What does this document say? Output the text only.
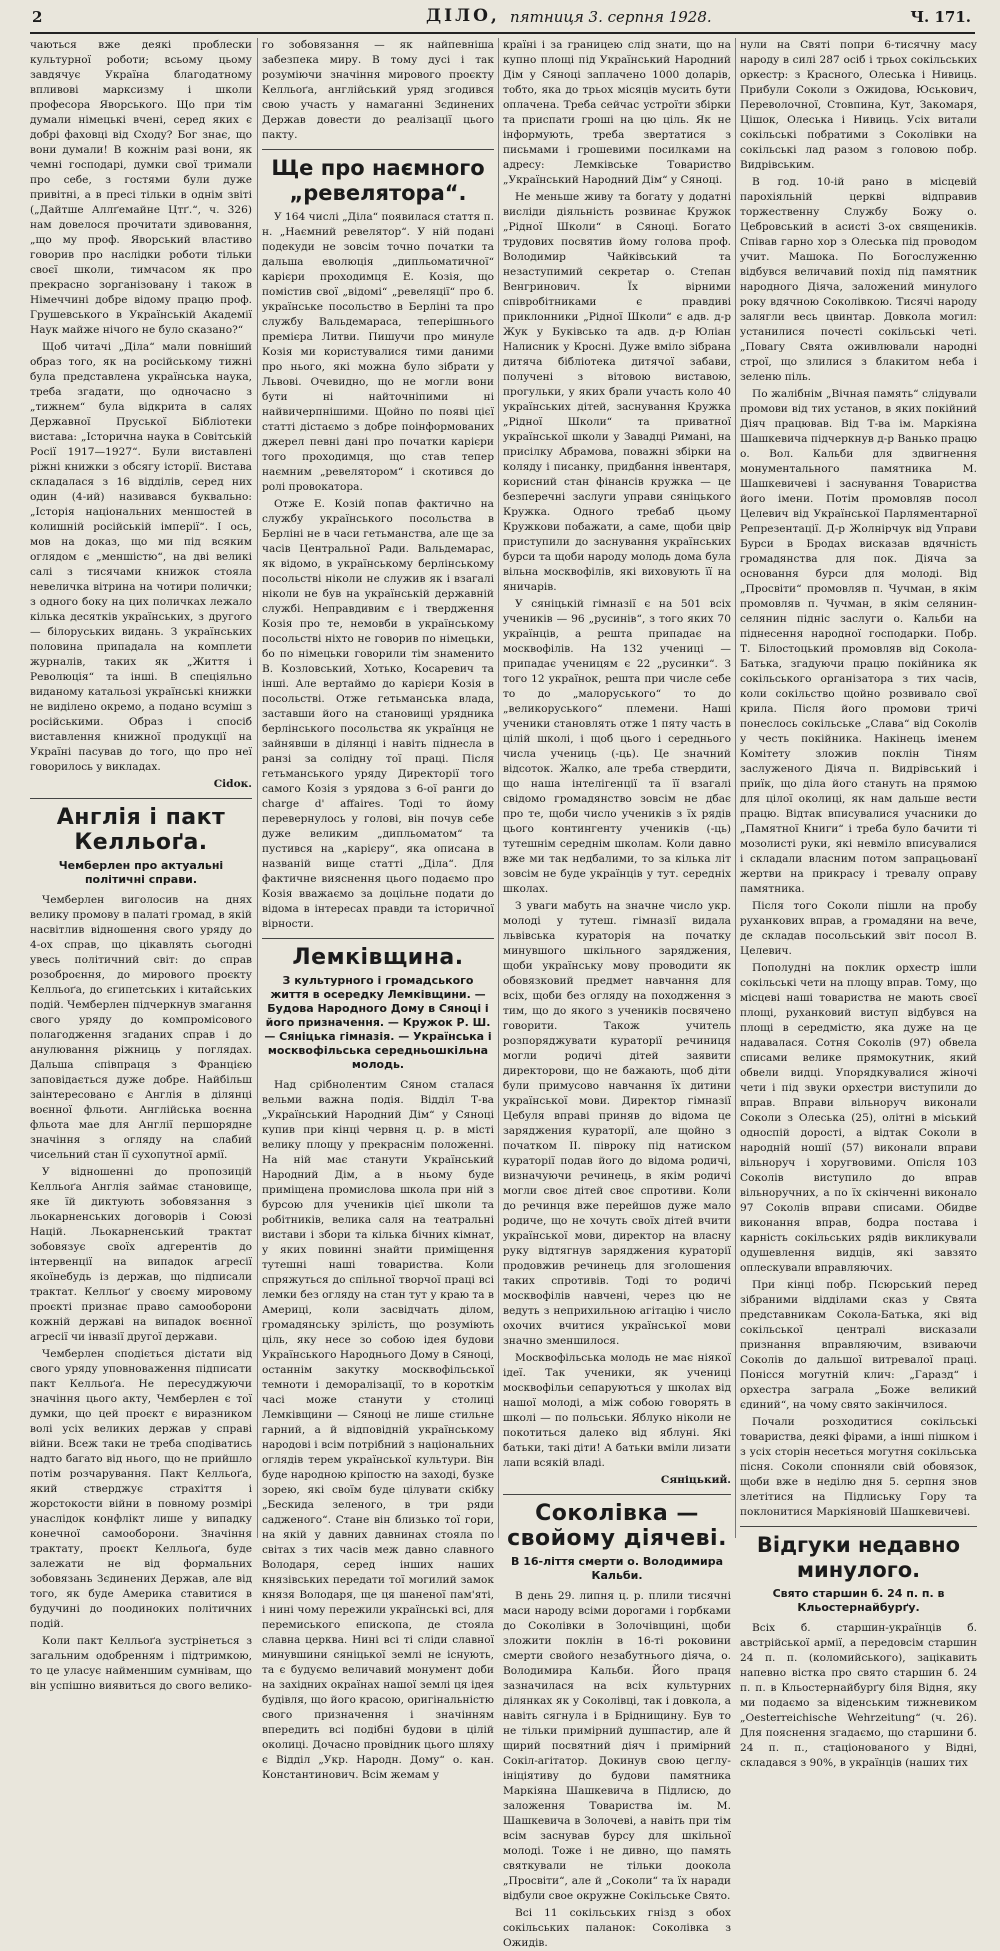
2	ДІЛО, пятниця 3. серпня 1928.	Ч. 171.

чаються вже деякі проблески культурної роботи; всьому цьому завдячує Україна благодатному впливові марксизму і школи професора Яворського. Що при тім думали німецькі вчені, серед яких є добрі фаховці від Сходу? Бог знає, що вони думали! В кожнім разі вони, як чемні господарі, думки свої тримали про себе, з гостями були дуже привітні, а в пресі тільки в однім звіті („Дайтше Аллґемайне Цтґ.“, ч. 326) нам довелося прочитати здивовання, „що мy проф. Яворський властиво говорив про наслідки роботи тільки своєї школи, тимчасом як про прекрасно зорганізовану і також в Німеччині добре відому працю проф. Грушевського в Українській Академії Наук майже нічого не було сказано?“

Щоб читачі „Діла“ мали повніший образ того, як на російському тижні була представлена українська наука, треба згадати, що одночасно з „тижнем“ була відкрита в салях Державної Пруської Бібліотеки вистава: „Історична наука в Совітській Росії 1917—1927“. Були виставлені ріжні книжки з обсягу історії. Вистава складалася з 16 відділів, серед них один (4-ий) називався буквально: „Історія національних меншостей в колишній російській імперії“. І ось, мов на доказ, що ми під всяким оглядом є „меншістю“, на дві великі салі з тисячами книжок стояла невеличка вітрина на чотири полички; з одного боку на цих поличках лежало кілька десятків українських, з другого — білоруських видань. З українських половина припадала на комплети журналів, таких як „Життя і Революція“ та інші. В спеціяльно виданому катальозі українські книжки не виділено окремо, а подано всуміш з російськими. Образ і спосіб виставлення книжної продукції на Україні пасував до того, що про неї говорилось у викладах.

Сidок.

Англія і пакт Келльоґа.
Чемберлен про актуальні політичні справи.

Чемберлен виголосив на днях велику промову в палаті громад, в якій насвітлив відношення свого уряду до 4-ох справ, що цікавлять сьогодні увесь політичний світ: до справ розоброєння, до мирового проєкту Келльоґа, до єгипетських і китайських подій. Чемберлен підчеркнув змагання свого уряду до компромісового полагодження згаданих справ і до анулювання ріжниць у поглядах. Дальша співпраця з Францією заповідається дуже добре. Найбільш заінтересовано є Англія в ділянці воєнної фльоти. Англійська воєнна фльота мае для Англії першорядне значіння з огляду на слабий чисельний стан її сухопутної армії.

У відношенні до пропозицій Келльоґа Англія займає становище, яке їй диктують зобовязання з льокарненських договорів і Союзі Націй. Льокарненський трактат зобовязує своїх адгерентів до інтервенції на випадок агресії якоїнебудь із держав, що підписали трактат. Келльоґ у своєму мировому проєкті признає право самооборони кожній державі на випадок воєнної агресії чи інвазії другої держави.

Чемберлен сподіється дістати від свого уряду уповноваження підписати пакт Келльоґа. Не пересуджуючи значіння цього акту, Чемберлен є тої думки, що цей проєкт є виразником волі усіх великих держав у справі війни. Всеж таки не треба сподіватись надто багато від нього, що не прийшло потім розчарування. Пакт Келльоґа, який стверджує страхіття і жорстокости війни в повному розмірі унаслідок конфлікт лише у випадку конечної самооборони. Значіння трактату, проєкт Келльоґа, буде залежати не від формальних зобовязань Зєдинених Держав, але від того, як буде Америка ставитися в будучині до поодиноких політичних подій.

Коли пакт Келльоґа зустрінеться з загальним одобренням і підтримкою, то це уласує найменшим сумнівам, що він успішно виявиться до свого велико-

го зобовязання — як найпевніша забезпека миру. В тому дусі і так розуміючи значіння мирового проєкту Келльоґа, англійський уряд згодився свою участь у намаганні Зєдинених Держав довести до реалізації цього пакту.

Ще про наємного „ревелятора“.

У 164 числі „Діла“ появилася стаття п. н. „Наємний ревелятор“. У ній подані подекуди не зовсім точно початки та дальша еволюція „дипльоматичної“ карієри проходимця Е. Козія, що помістив свої „відомі“ „ревеляції“ про б. українське посольство в Берліні та про службу Вальдемараса, теперішнього премієра Литви. Пишучи про минуле Козія ми користувалися тими даними про нього, які можна було зібрати у Львові. Очевидно, що не могли вони бути ні найточніпими ні найвичерпнішими. Щойно по появі цієї статті дістаємо з добре поінформованих джерел певні дані про початки карієри того проходимця, що став тепер наємним „ревелятором“ і скотився до ролі провокатора.

Отже Е. Козій попав фактично на службу українського посольства в Берліні не в часи гетьманства, але ще за часів Центральної Ради. Вальдемарас, як відомо, в українському берлінському посольстві ніколи не служив як і взагалі ніколи не був на українській державній службі. Неправдивим є і твердження Козія про те, немовби в українському посольстві ніхто не говорив по німецьки, бо по німецьки говорили тім знаменито В. Козловський, Хотько, Косаревич та інші. Але вертаймо до карієри Козія в посольстві. Отже гетьманська влада, заставши його на становищі урядника берлінського посольства як українця не зайнявши в ділянці і навіть піднесла в ранзі за солідну тої праці. Після гетьманського уряду Директорії того самого Козія з урядова з 6-ої ранги до charge d' affaires. Тоді то йому перевернулось у голові, він почув себе дуже великим „дипльоматом“ та пустився на „карієру“, яка описана в названій вище статті „Діла“. Для фактичне вияснення цього подаємо про Козія вважаємо за доцільне подати до відома в інтересах правди та історичної вірности.

Лемківщина.
З культурного і громадського життя в осередку Лемківщини. — Будова Народного Дому в Сяноці і його призначення. — Кружок Р. Ш. — Сяніцька гімназія. — Українська і москвофільська середньошкільна молодь.

Над срібнолентим Сяном сталася вельми важна подія. Відділ Т-ва „Український Народний Дім“ у Сяноці купив при кінці червня ц. р. в місті велику площу у прекраснім положенні. На ній має станути Український Народний Дім, а в ньому буде приміщена промислова школа при ній з бурсою для учеників цієї школи та робітників, велика саля на театральні вистави і збори та кілька бічних кімнат, у яких повинні знайти приміщення тутешні наші товариства. Коли спряжуться до спільної творчої праці всі лемки без огляду на стан тут у краю та в Америці, коли засвідчать ділом, громадянську зрілість, що розуміють ціль, яку несе зо собою ідея будови Українського Народнього Дому в Сяноці, останнім закутку москвофільської темноти і деморалізації, то в короткім часі може станути у столиці Лемківщини — Сяноці не лише стильне гарний, а й відповідній українському народові і всім потрібний з національних оглядів терем української культури. Він буде народною кріпостю на заході, бузке зорею, які своїм буде цілувати скібку „Бескида зеленого, в три ряди садженого“. Стане він близько тої гори, на якій у давних давнинах стояла по світах з тих часів меж давно славного Володаря, серед інших наших князівських передати тої могилий замок князя Володаря, ще ця шаненої пам'яті, і нині чому пережили українські всі, для перемиського епископа, де стояла славна церква. Нині всі ті сліди славної минувшини сяніцької землі не існують, та є будуємо величавий монумент доби на західних окраїнах нашої землі ця ідея будівля, що його красою, оригінальністю свого призначення і значінням впередить всі подібні будови в цілій околиці. Дочасно провідник цього шляху є Відділ „Укр. Народн. Дому“ о. кан. Константинович. Всім жемам у

країні і за границею слід знати, що на купно площі під Український Народний Дім у Сяноці заплачено 1000 доларів, тобто, яка до трьох місяців мусить бути оплачена. Треба сейчас устроїти збірки та приспати гроші на цю ціль. Як не інформують, треба звертатися з письмами і грошевими посилками на адресу: Лемківське Товариство „Український Народний Дім“ у Сяноці.

Не меньше живу та богату у додатні висліди діяльність розвинає Кружок „Рідної Школи“ в Сяноці. Богато трудових посвятив йому голова проф. Володимир Чайківський та незаступимий секретар о. Степан Венгринович. Їх вірними співробітниками є правдиві приклонники „Рідної Школи“ є адв. д-р Жук у Буківсько та адв. д-р Юліан Налисник у Кросні. Дуже вміло зібрана дитяча бібліотека дитячої забави, получені з вітовою виставою, прогульки, у яких брали участь коло 40 українських дітей, заснування Кружка „Рідної Школи“ та приватної української школи у Завадці Римані, на присілку Абрамова, поважні збірки на коляду і писанку, придбання інвентаря, корисний стан фінансів кружка — це безперечні заслуги управи сяніцького Кружка. Одного требаб цьому Кружкови побажати, а саме, щоби цвір приступили до заснування українських бурси та щоби народу молодь дома була вільна москвофілів, які виховують її на яничарів.

У сяніцькій гімназії є на 501 всіх учеників — 96 „русинів“, з того яких 70 українців, а решта припадає на москвофілів. На 132 учениці — припадає ученицям є 22 „русинки“. З того 12 українок, решта при числе себе то до „малоруського“ то до „великоруського“ племени. Наші ученики становлять отже 1 пяту часть в цілій школі, і щоб цього і середнього числа учениць (-ць). Це значний відсоток. Жалко, але треба ствердити, що наша інтелігенції та її взагалі свідомо громадянство зовсім не дбає про те, щоби число учеників з їх рядів цього контингенту учеників (-ць) тутешнім середнім школам. Коли давно вже ми так недбалими, то за кілька літ зовсім не буде українців у тут. середніх школах.

З уваги мабуть на значне число укр. молоді у тутеш. гімназії видала львівська кураторія на початку минувшого шкільного заряджения, щоби українську мову проводити як обовязковий предмет навчання для всіх, щоби без огляду на походження з тим, що до якого з учеників посвячено говорити. Також учитель розпоряджувати кураторії речиниця могли родичі дітей заявити директорови, що не бажають, щоб діти були примусово навчання їх дитини української мови. Директор гімназії Цебуля вправі приняв до відома це заряджения кураторії, але щойно з початком II. півроку під натиском кураторії подав його до відома родичі, визначуючи речинець, в якім родичі могли своє дітей своє спротиви. Коли до речинця вже перейшов дуже мало родиче, що не хочуть своїх дітей вчити української мови, директор на власну руку відтягнув заряджения кураторії продовжив речинець для зголошения таких спротивів. Тоді то родичі москвофілів навчені, через цю не ведуть з неприхильною агітацію і число охочих вчитися української мови значно зменшилося.

Москвофільська молодь не має ніякої ідеї. Так ученики, як учениці москвофільи сепаруються у школах від нашої молоді, а між собою говорять в школі — по польськи. Яблуко ніколи не покотиться далеко від яблуні. Які батьки, такі діти! А батьки вміли лизати лапи всякій владі.

Сяніцький.

Соколівка — свойому діячеві.
В 16-ліття смерти о. Володимира Кальби.

В день 29. липня ц. р. плили тисячні маси народу всіми дорогами і горбками до Соколівки в Золочівщині, щоби зложити поклін в 16-ті роковини смерти свойого незабутнього діяча, о. Володимира Кальби. Його праця зазначилася на всіх культурних ділянках як у Соколівці, так і довкола, а навіть сягнула і в Бріднищину. Був то не тільки примірний душпастир, але й щирий посвятний діяч і примірний Сокіл-агітатор. Докинув свою цеглу-ініціятиву до будови памятника Маркіяна Шашкевича в Підлисю, до заложення Товариства ім. М. Шашкевича в Золочеві, а навіть при тім всім заснував бурсу для шкільної молоді. Тоже і не дивно, що память святкували не тільки доокола „Просвіти“, але й „Соколи“ та їх наради відбули свое окружне Сокільське Свято.

Всі 11 сокільських гнізд з обох сокільських паланок: Соколівка з Ожидів.

нули на Святі попри 6-тисячну масу народу в силі 287 осіб і трьох сокільських оркестр: з Красного, Олеська і Нивиць. Прибули Соколи з Ожидова, Юськович, Переволочної, Стовпина, Кут, Закомаря, Цішок, Олеська і Нивиць. Усіх витали сокільські побратими з Соколівки на сокільські лад разом з головою побр. Видрівським.

В год. 10-ій рано в місцевій парохіяльній церкві відправив торжественну Службу Божу о. Цебровський в асисті 3-ох священиків. Співав гарно хор з Олеська під проводом учит. Машока. По Богослуженню відбувся величавий похід під памятник народного Діяча, заложений минулого року вдячною Соколівкою. Тисячі народу залягли весь цвинтар. Довкола могил: устанилися почесті сокільські четі. „Повагу Свята оживлювали народні строї, що злилися з блакитом неба і зеленю піль.

По жалібнім „Вічная память“ слідували промови від тих установ, в яких покійний Діяч працював. Від Т-ва ім. Маркіяна Шашкевича підчеркнув д-р Ванько працю о. Вол. Кальби для здвигнення монументального памятника М. Шашкевичеві і заснування Товариства його імени. Потім промовляв посол Целевич від Української Парляментарної Репрезентації. Д-р Жолнірчук від Управи Бурси в Бродах висказав вдячність громадянства для пок. Діяча за основання бурси для молоді. Від „Просвіти“ промовляв п. Чучман, в якім промовляв п. Чучман, в якім селянин-селянин підніс заслуги о. Кальби на піднесення народної господарки. Побр. Т. Білостоцький промовляв від Сокола-Батька, згадуючи працю покійника як сокільського організатора з тих часів, коли сокільство щойно розвивало свої крила. Після його промови тричі понеслось сокільське „Слава“ від Соколів у честь покійника. Накінець іменем Комітету зложив поклін Тіням заслуженого Діяча п. Видрівський і приїк, що діла його стануть на прямою для цілої околиці, як нам дальше вести працю. Відтак вписувалися учасники до „Памятної Книги“ і треба було бачити ті мозолисті руки, які невміло вписувалися і складали власним потом запрацьованї жертви на прикрасу і тревалу оправу памятника.

Після того Соколи пішли на пробу руханкових вправ, а громадяни на вече, де складав посольський звіт посол В. Целевич.

Пополудні на поклик орхестр ішли сокільські чети на площу вправ. Тому, що місцеві наші товариства не мають своєї площі, руханковий виступ відбувся на площі в середмістю, яка дуже на це надавалася. Сотня Соколів (97) обвела списами велике прямокутник, який обвели видці. Упорядкувалися жіночі чети і під звуки орхестри виступили до вправ. Вправи вільноруч виконали Соколи з Олеська (25), олітні в міський односпій дорості, а відтак Соколи в народній ношії (57) виконали вправи вільноруч і хоругвовими. Опісля 103 Соколів виступило до вправ вільноручних, а по їх скінченні виконало 97 Соколів вправи списами. Обидве виконання вправ, бодра постава і карність сокільських рядів викликували одушевлення видців, які завзято оплескували вправляючих.

При кінці побр. Псюрський перед зібраними відділами сказ у Свята представникам Сокола-Батька, які від сокільської централі висказали признання вправляючим, взиваючи Соколів до дальшої витревалої праці. Понісся могутній клич: „Гаразд“ і орхестра заграла „Боже великий єдиний“, на чому свято закінчилося.

Почали розходитися сокільські товариства, деякі фірами, а інші пішком і з усіх сторін несеться могутня сокільська пісня. Соколи спонняли свій обовязок, щоби вже в неділю дня 5. серпня знов злетітися на Підлиську Гору та поклонитися Маркіяновій Шашкевичеві.

Відгуки недавно минулого.
Свято старшин б. 24 п. п. в Кльостернайбурґу.

Всіх б. старшин-українців б. австрійської армії, а передовсім старшин 24 п. п. (коломийського), зацікавить напевно вістка про свято старшин б. 24 п. п. в Кльостернайбурґу біля Відня, яку ми подаємо за віденським тижневиком „Oesterreichische Wehrzeitung“ (ч. 26). Для пояснення згадаємо, що старшини б. 24 п. п., стаціонованого у Відні, складався з 90%, в українців (наших тих
